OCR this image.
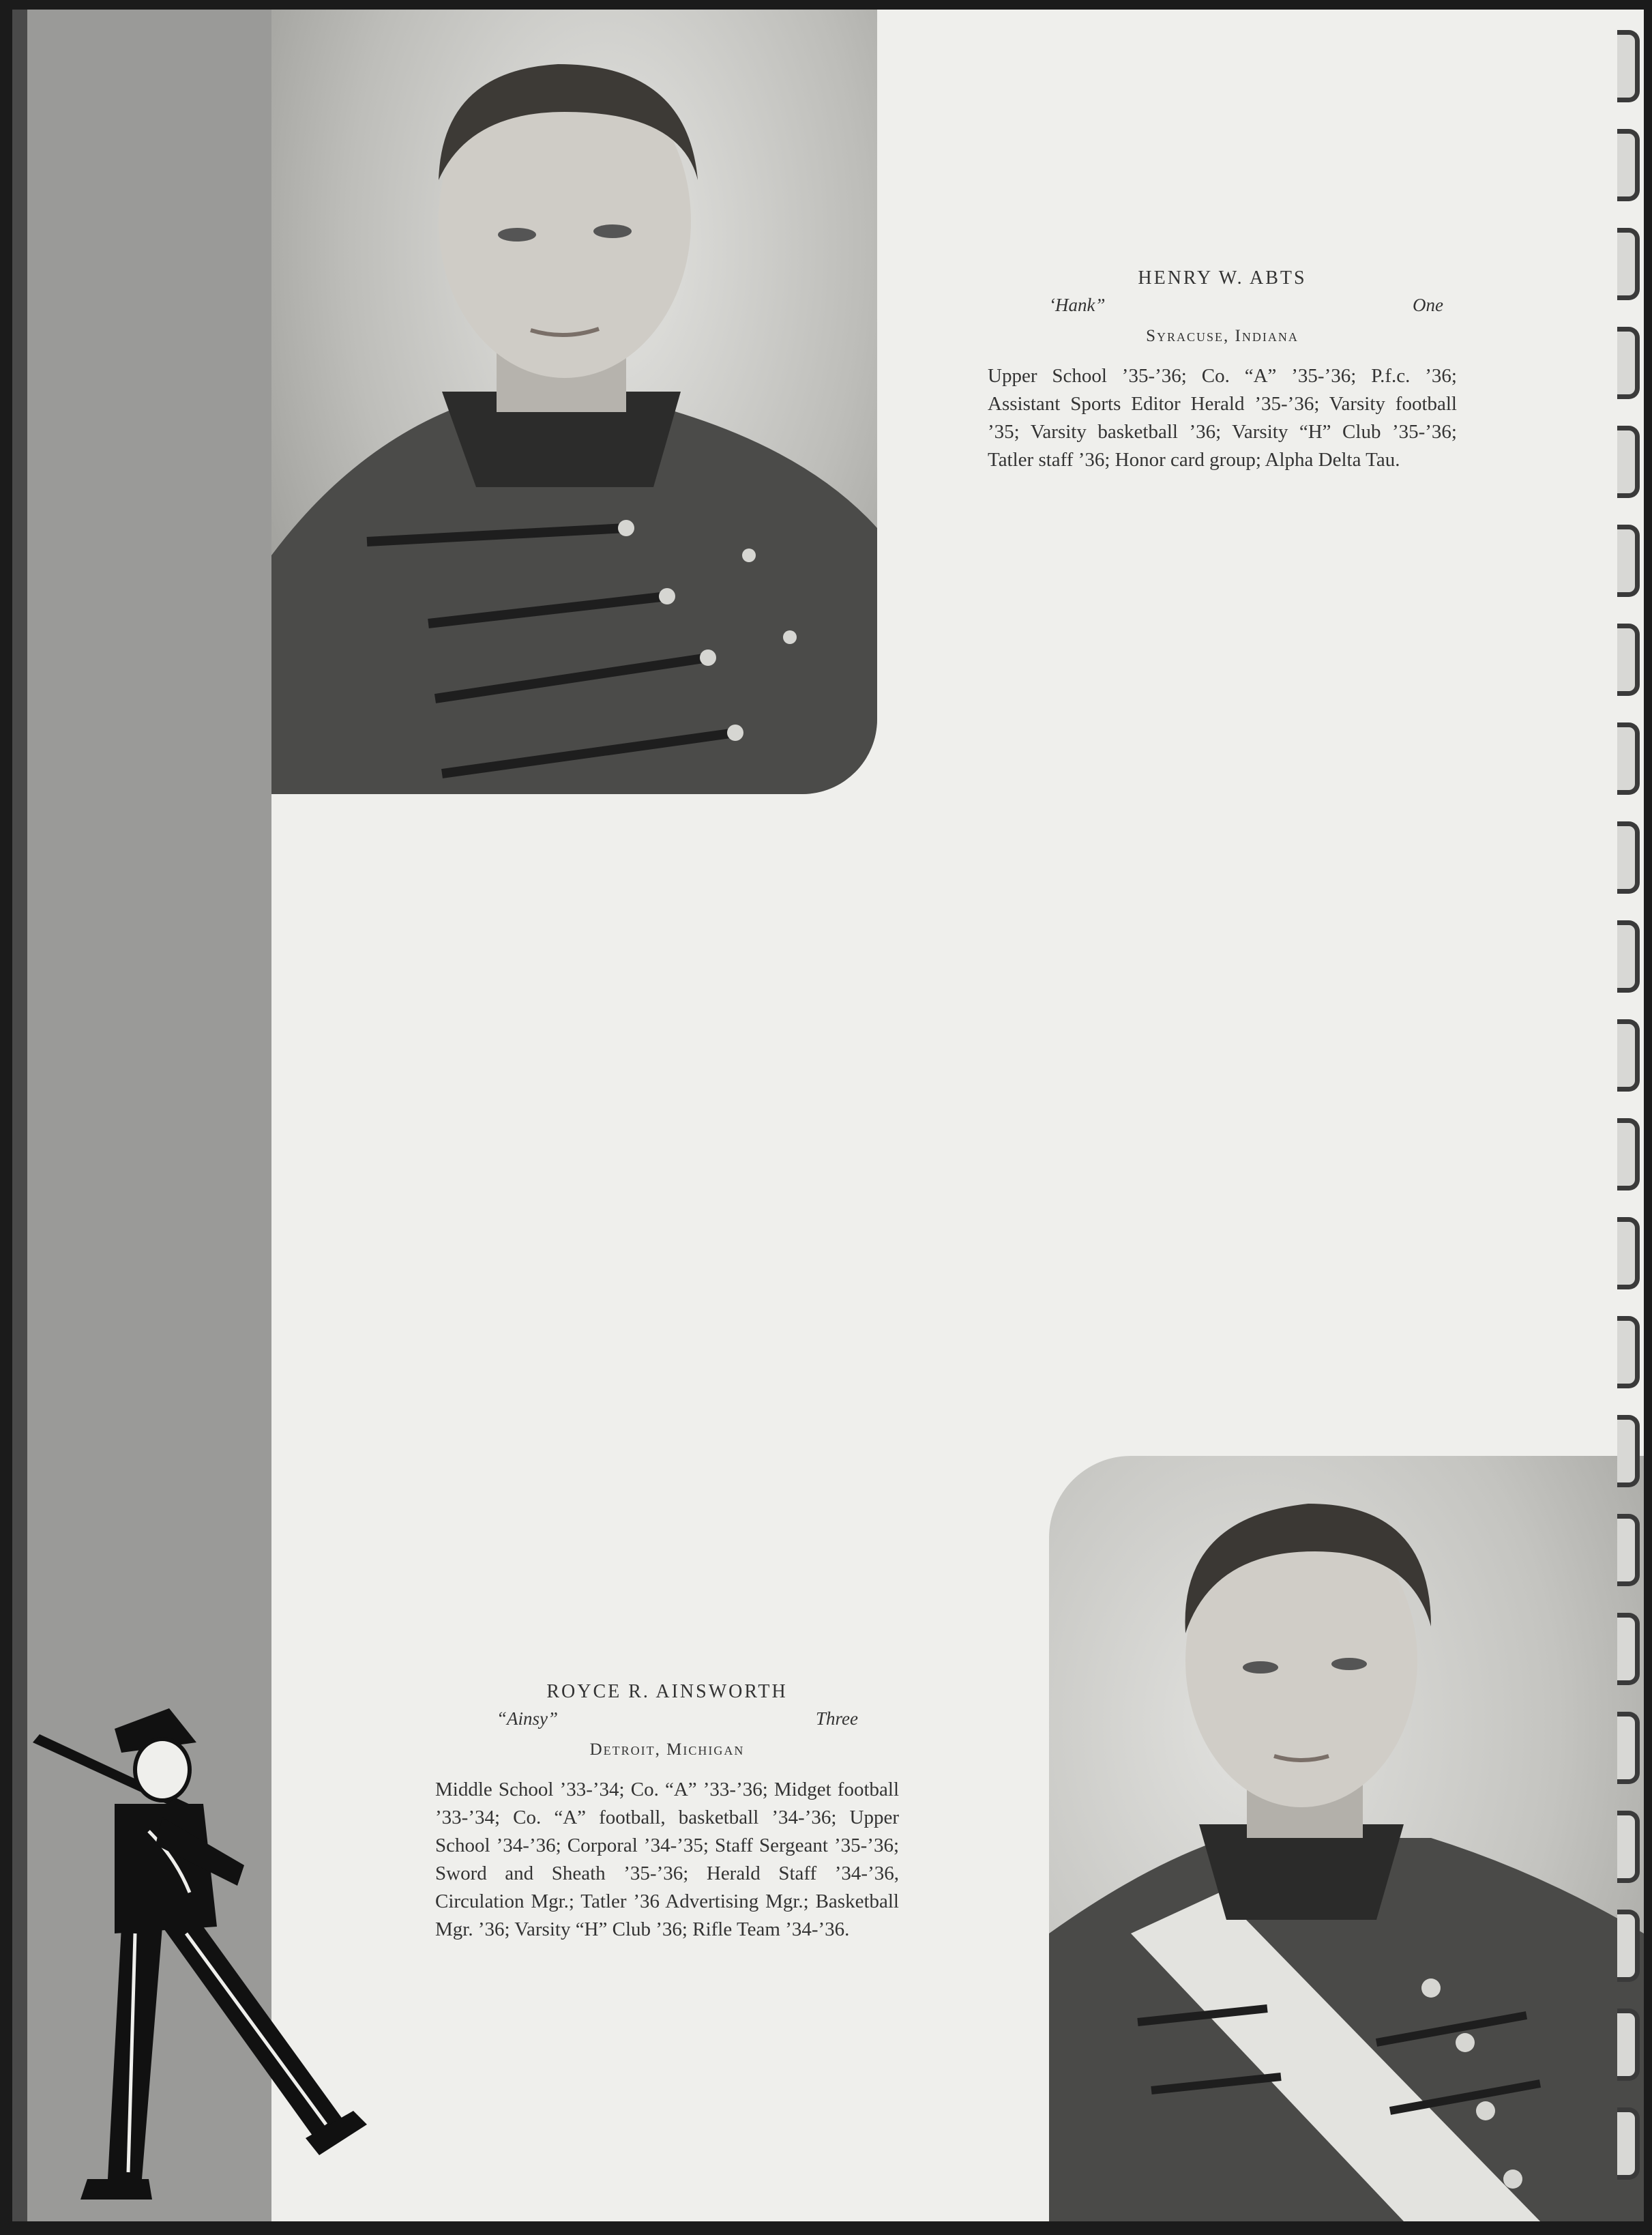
HENRY W. ABTS
‘Hank”	One
Syracuse, Indiana
Upper School ’35-’36; Co. “A” ’35-’36; P.f.c. ’36; Assistant Sports Editor Herald ’35-’36; Varsity football ’35; Varsity basketball ’36; Varsity “H” Club ’35-’36; Tatler staff ’36; Honor card group; Alpha Delta Tau.
ROYCE R. AINSWORTH
“Ainsy”	Three
Detroit, Michigan
Middle School ’33-’34; Co. “A” ’33-’36; Midget football ’33-’34; Co. “A” football, basketball ’34-’36; Upper School ’34-’36; Corporal ’34-’35; Staff Sergeant ’35-’36; Sword and Sheath ’35-’36; Herald Staff ’34-’36, Circulation Mgr.; Tatler ’36 Advertising Mgr.; Basketball Mgr. ’36; Varsity “H” Club ’36; Rifle Team ’34-’36.
